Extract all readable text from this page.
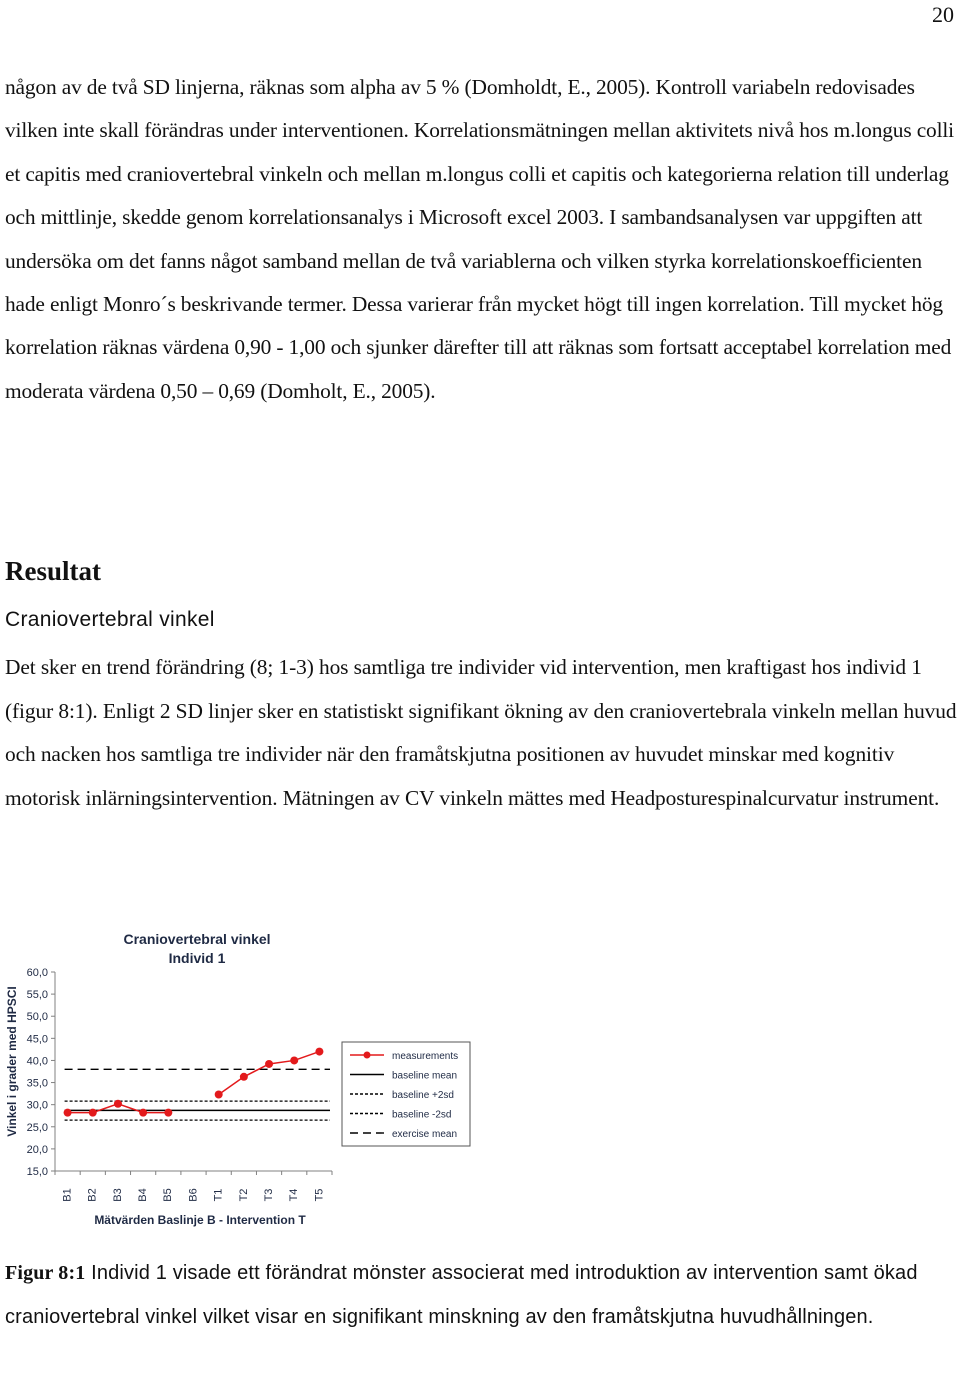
20

någon av de två SD linjerna, räknas som alpha av 5 % (Domholdt, E., 2005). Kontroll variabeln redovisades vilken inte skall förändras under interventionen. Korrelationsmätningen mellan aktivitets nivå hos m.longus colli et capitis med craniovertebral vinkeln och mellan m.longus colli et capitis och kategorierna relation till underlag och mittlinje, skedde genom korrelationsanalys i Microsoft excel 2003. I sambandsanalysen var uppgiften att undersöka om det fanns något samband mellan de två variablerna och vilken styrka korrelationskoefficienten hade enligt Monro´s beskrivande termer. Dessa varierar från mycket högt till ingen korrelation. Till mycket hög korrelation räknas värdena 0,90 - 1,00 och sjunker därefter till att räknas som fortsatt acceptabel korrelation med moderata värdena 0,50 – 0,69 (Domholt, E., 2005).

Resultat

Craniovertebral vinkel

Det sker en trend förändring (8; 1-3) hos samtliga tre individer vid intervention, men kraftigast hos individ 1 (figur 8:1). Enligt 2 SD linjer sker en statistiskt signifikant ökning av den craniovertebrala vinkeln mellan huvud och nacken hos samtliga tre individer när den framåtskjutna positionen av huvudet minskar med kognitiv motorisk inlärningsintervention. Mätningen av CV vinkeln mättes med Headposturespinalcurvatur instrument.

Craniovertebral vinkel
Individ 1
15,0
20,0
25,0
30,0
35,0
40,0
45,0
50,0
55,0
60,0
B1 B2 B3 B4 B5 B6 T1 T2 T3 T4 T5
Vinkel i grader med HPSCI
Mätvärden Baslinje B - Intervention T
measurements
baseline mean
baseline +2sd
baseline -2sd
exercise mean

Figur 8:1 Individ 1 visade ett förändrat mönster associerat med introduktion av intervention samt ökad craniovertebral vinkel vilket visar en signifikant minskning av den framåtskjutna huvudhållningen.
